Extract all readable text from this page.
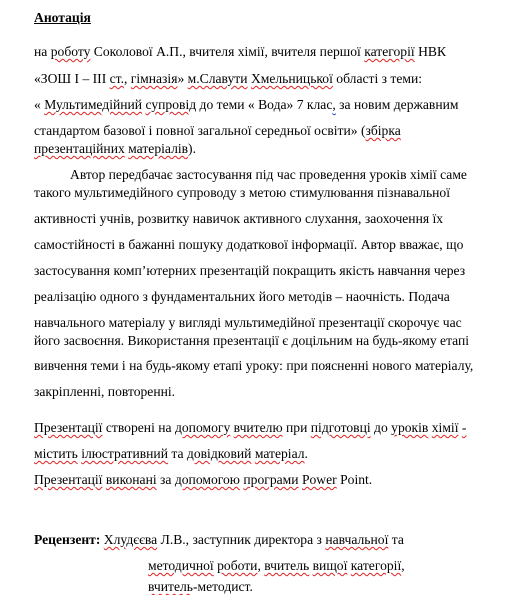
Анотація
на роботу Соколової А.П., вчителя хімії, вчителя першої категорії НВК
«ЗОШ І – ІІІ ст., гімназія» м.Славути Хмельницької області з теми:
« Мультимедійний супровід до теми « Вода» 7 клас, за новим державним
стандартом базової і повної загальної середньої освіти» (збірка
презентаційних матеріалів).
Автор передбачає застосування під час проведення уроків хімії саме
такого мультимедійного супроводу з метою стимулювання пізнавальної
активності учнів, розвитку навичок активного слухання, заохочення їх
самостійності в бажанні пошуку додаткової інформації. Автор вважає, що
застосування комп’ютерних презентацій покращить якість навчання через
реалізацію одного з фундаментальних його методів – наочність. Подача
навчального матеріалу у вигляді мультимедійної презентації скорочує час
його засвоєння. Використання презентації є доцільним на будь-якому етапі
вивчення теми і на будь-якому етапі уроку: при поясненні нового матеріалу,
закріпленні, повторенні.
Презентації створені на допомогу вчителю при підготовці до уроків хімії -
містить ілюстративний та довідковий матеріал.
Презентації виконані за допомогою програми Power Point.
Рецензент: Хлудєєва Л.В., заступник директора з навчальної та
методичної роботи, вчитель вищої категорії,
вчитель-методист.
